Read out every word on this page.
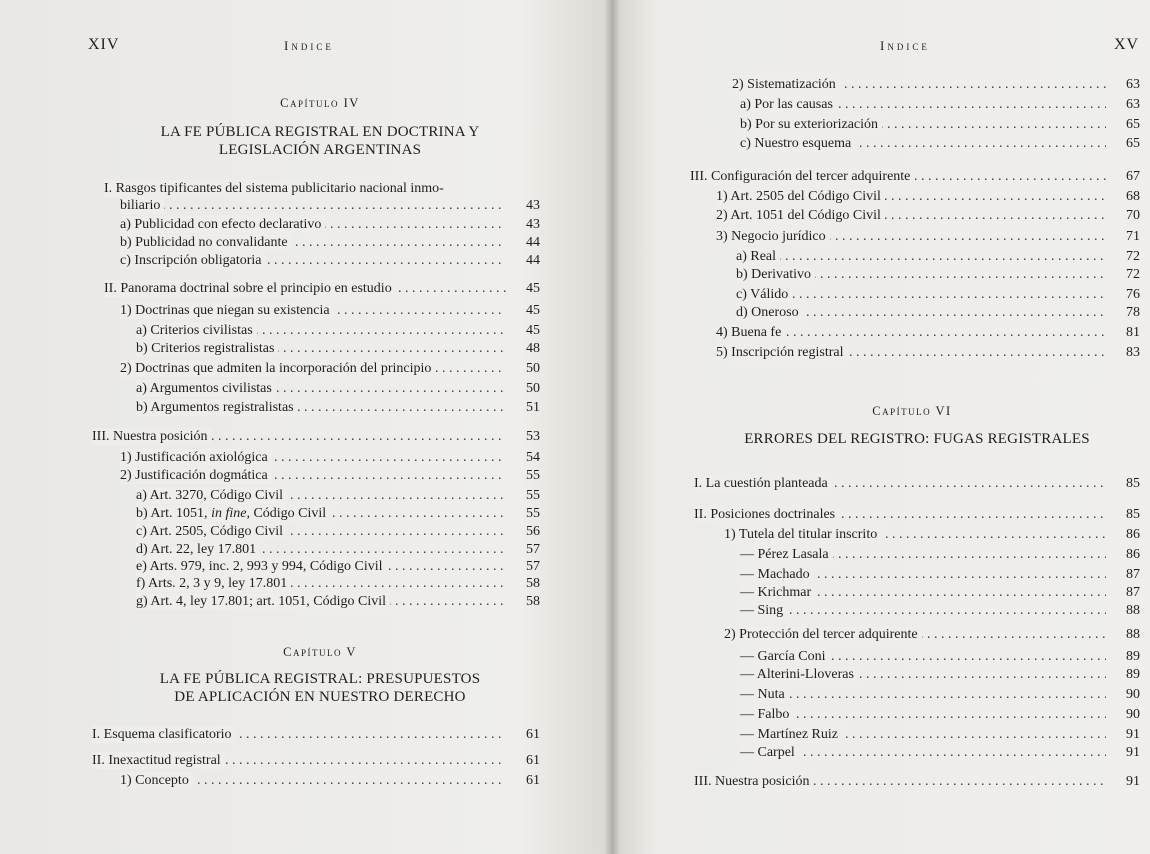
XIV	Indice
Capítulo IV
LA FE PÚBLICA REGISTRAL EN DOCTRINA Y
LEGISLACIÓN ARGENTINAS
I. Rasgos tipificantes del sistema publicitario nacional inmo-
. . .
biliario	43
. . .
a) Publicidad con efecto declarativo	43
. . .
b) Publicidad no convalidante	44
. . .
c) Inscripción obligatoria	44
. . .
II. Panorama doctrinal sobre el principio en estudio	45
. . .
1) Doctrinas que niegan su existencia	45
. . .
a) Criterios civilistas	45
. . .
b) Criterios registralistas	48
. . .
2) Doctrinas que admiten la incorporación del principio	50
. . .
a) Argumentos civilistas	50
. . .
b) Argumentos registralistas	51
. . .
III. Nuestra posición	53
. . .
1) Justificación axiológica	54
. . .
2) Justificación dogmática	55
. . .
a) Art. 3270, Código Civil	55
. . .
b) Art. 1051, in fine, Código Civil	55
. . .
c) Art. 2505, Código Civil	56
. . .
d) Art. 22, ley 17.801	57
. . .
e) Arts. 979, inc. 2, 993 y 994, Código Civil	57
. . .
f) Arts. 2, 3 y 9, ley 17.801	58
. . .
g) Art. 4, ley 17.801; art. 1051, Código Civil	58
Capítulo V
LA FE PÚBLICA REGISTRAL: PRESUPUESTOS
DE APLICACIÓN EN NUESTRO DERECHO
. . .
I. Esquema clasificatorio	61
. . .
II. Inexactitud registral	61
. . .
1) Concepto	61
Indice	XV
. . .
2) Sistematización	63
. . .
a) Por las causas	63
. . .
b) Por su exteriorización	65
. . .
c) Nuestro esquema	65
. . .
III. Configuración del tercer adquirente	67
. . .
1) Art. 2505 del Código Civil	68
. . .
2) Art. 1051 del Código Civil	70
. . .
3) Negocio jurídico	71
. . .
a) Real	72
. . .
b) Derivativo	72
. . .
c) Válido	76
. . .
d) Oneroso	78
. . .
4) Buena fe	81
. . .
5) Inscripción registral	83
Capítulo VI
ERRORES DEL REGISTRO: FUGAS REGISTRALES
. . .
I. La cuestión planteada	85
. . .
II. Posiciones doctrinales	85
. . .
1) Tutela del titular inscrito	86
. . .
— Pérez Lasala	86
. . .
— Machado	87
. . .
— Krichmar	87
. . .
— Sing	88
. . .
2) Protección del tercer adquirente	88
. . .
— García Coni	89
. . .
— Alterini-Lloveras	89
. . .
— Nuta	90
. . .
— Falbo	90
. . .
— Martínez Ruiz	91
. . .
— Carpel	91
. . .
III. Nuestra posición	91
